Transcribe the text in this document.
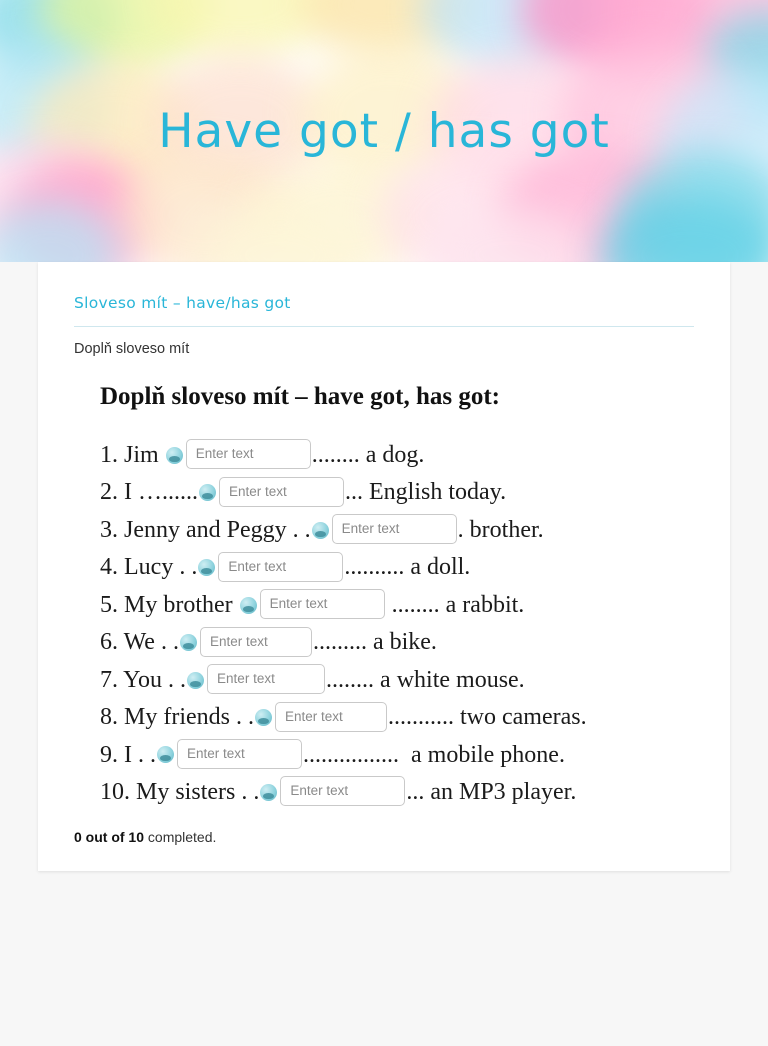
Have got / has got
Sloveso mít – have/has got
Doplň sloveso mít
Doplň sloveso mít – have got, has got:
1. Jim Enter text ........ a dog.
2. I …...... Enter text ... English today.
3. Jenny and Peggy . . Enter text . brother.
4. Lucy . . Enter text .......... a doll.
5. My brother Enter text ........ a rabbit.
6. We . . Enter text ......... a bike.
7. You . . Enter text ........ a white mouse.
8. My friends . . Enter text ........... two cameras.
9. I . . Enter text ................  a mobile phone.
10. My sisters . . Enter text ... an MP3 player.
0 out of 10 completed.
